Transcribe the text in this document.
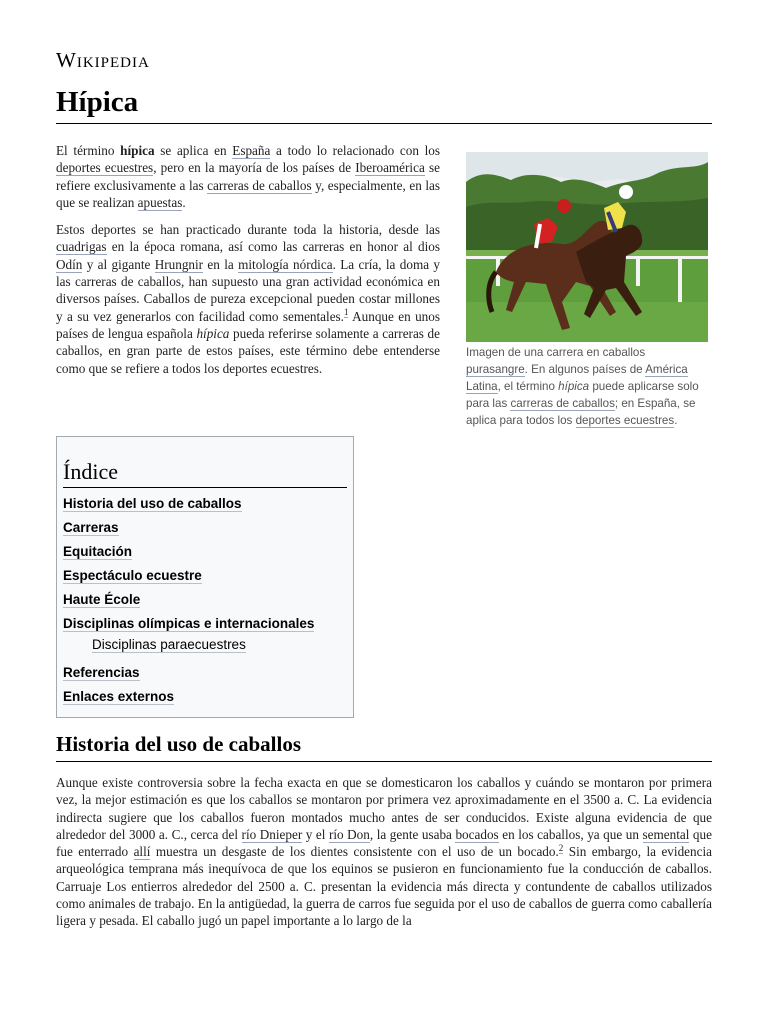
Wikipedia
Hípica

El término hípica se aplica en España a todo lo relacionado con los deportes ecuestres, pero en la mayoría de los países de Iberoamérica se refiere exclusivamente a las carreras de caballos y, especialmente, en las que se realizan apuestas.

Estos deportes se han practicado durante toda la historia, desde las cuadrigas en la época romana, así como las carreras en honor al dios Odín y al gigante Hrungnir en la mitología nórdica. La cría, la doma y las carreras de caballos, han supuesto una gran actividad económica en diversos países. Caballos de pureza excepcional pueden costar millones y a su vez generarlos con facilidad como sementales.$^1$ Aunque en unos países de lengua española hípica pueda referirse solamente a carreras de caballos, en gran parte de estos países, este término debe entenderse como que se refiere a todos los deportes ecuestres.

Imagen de una carrera en caballos purasangre. En algunos países de América Latina, el término hípica puede aplicarse solo para las carreras de caballos; en España, se aplica para todos los deportes ecuestres.
Índice
Historia del uso de caballos
Carreras
Equitación
Espectáculo ecuestre
Haute École
Disciplinas olímpicas e internacionales
Disciplinas paraecuestres
Referencias
Enlaces externos
Historia del uso de caballos

Aunque existe controversia sobre la fecha exacta en que se domesticaron los caballos y cuándo se montaron por primera vez, la mejor estimación es que los caballos se montaron por primera vez aproximadamente en el 3500 a. C. La evidencia indirecta sugiere que los caballos fueron montados mucho antes de ser conducidos. Existe alguna evidencia de que alrededor del 3000 a. C., cerca del río Dnieper y el río Don, la gente usaba bocados en los caballos, ya que un semental que fue enterrado allí muestra un desgaste de los dientes consistente con el uso de un bocado.$^2$ Sin embargo, la evidencia arqueológica temprana más inequívoca de que los equinos se pusieron en funcionamiento fue la conducción de caballos. Carruaje Los entierros alrededor del 2500 a. C. presentan la evidencia más directa y contundente de caballos utilizados como animales de trabajo. En la antigüedad, la guerra de carros fue seguida por el uso de caballos de guerra como caballería ligera y pesada. El caballo jugó un papel importante a lo largo de la
